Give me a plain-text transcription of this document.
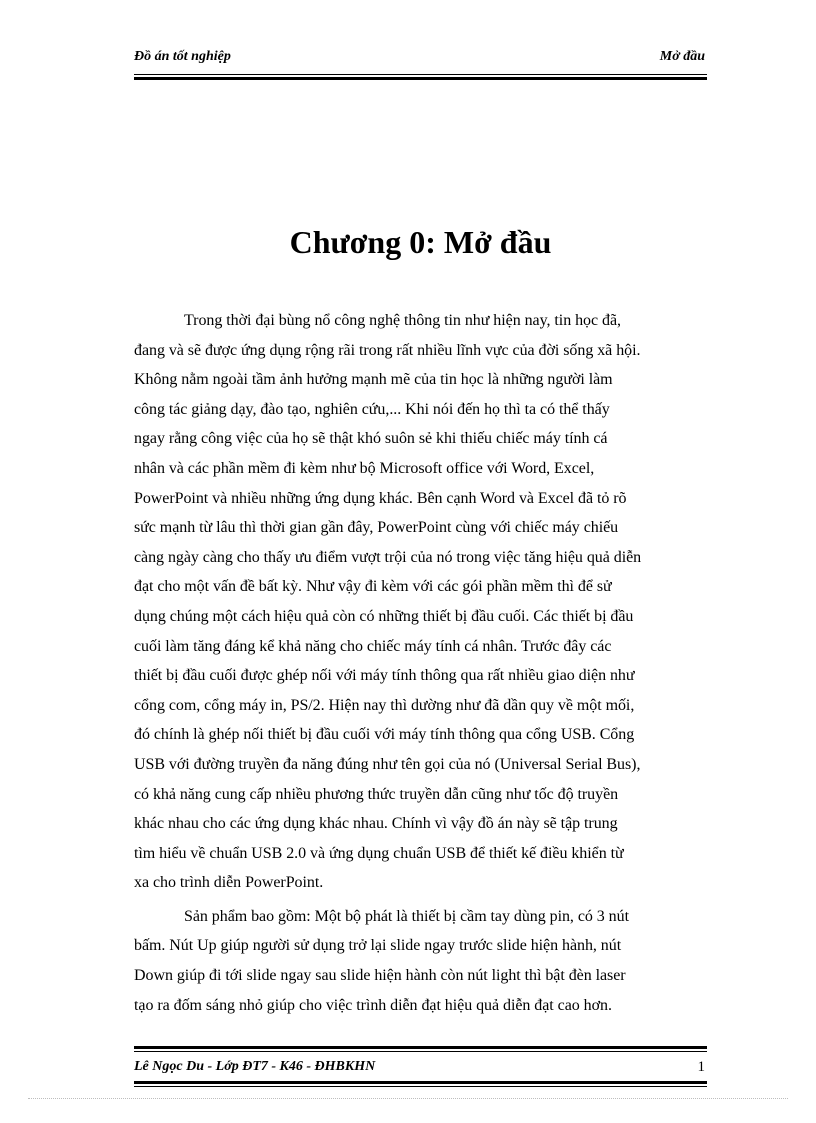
Đồ án tốt nghiệp	Mở đầu
Chương 0: Mở đầu
Trong thời đại bùng nổ công nghệ thông tin như hiện nay, tin học đã,
đang và sẽ được ứng dụng rộng rãi trong rất nhiều lĩnh vực của đời sống xã hội.
Không nằm ngoài tầm ảnh hưởng mạnh mẽ của tin học là những người làm
công tác giảng dạy, đào tạo, nghiên cứu,... Khi nói đến họ thì ta có thể thấy
ngay rằng công việc của họ sẽ thật khó suôn sẻ khi thiếu chiếc máy tính cá
nhân và các phần mềm đi kèm như bộ Microsoft office với Word, Excel,
PowerPoint và nhiều những ứng dụng khác. Bên cạnh Word và Excel đã tỏ rõ
sức mạnh từ lâu thì thời gian gần đây, PowerPoint cùng với chiếc máy chiếu
càng ngày càng cho thấy ưu điểm vượt trội của nó trong việc tăng hiệu quả diễn
đạt cho một vấn đề bất kỳ. Như vậy đi kèm với các gói phần mềm thì để sử
dụng chúng một cách hiệu quả còn có những thiết bị đầu cuối. Các thiết bị đầu
cuối làm tăng đáng kể khả năng cho chiếc máy tính cá nhân. Trước đây các
thiết bị đầu cuối được ghép nối với máy tính thông qua rất nhiều giao diện như
cổng com, cổng máy in, PS/2. Hiện nay thì dường như đã dần quy về một mối,
đó chính là ghép nối thiết bị đầu cuối với máy tính thông qua cổng USB. Cổng
USB với đường truyền đa năng đúng như tên gọi của nó (Universal Serial Bus),
có khả năng cung cấp nhiều phương thức truyền dẫn cũng như tốc độ truyền
khác nhau cho các ứng dụng khác nhau. Chính vì vậy đồ án này sẽ tập trung
tìm hiểu về chuẩn USB 2.0 và ứng dụng chuẩn USB để thiết kế điều khiển từ
xa cho trình diễn PowerPoint.
Sản phẩm bao gồm: Một bộ phát là thiết bị cầm tay dùng pin, có 3 nút
bấm. Nút Up giúp người sử dụng trở lại slide ngay trước slide hiện hành, nút
Down giúp đi tới slide ngay sau slide hiện hành còn nút light thì bật đèn laser
tạo ra đốm sáng nhỏ giúp cho việc trình diễn đạt hiệu quả diễn đạt cao hơn.
Lê Ngọc Du - Lớp ĐT7 - K46 - ĐHBKHN	1
